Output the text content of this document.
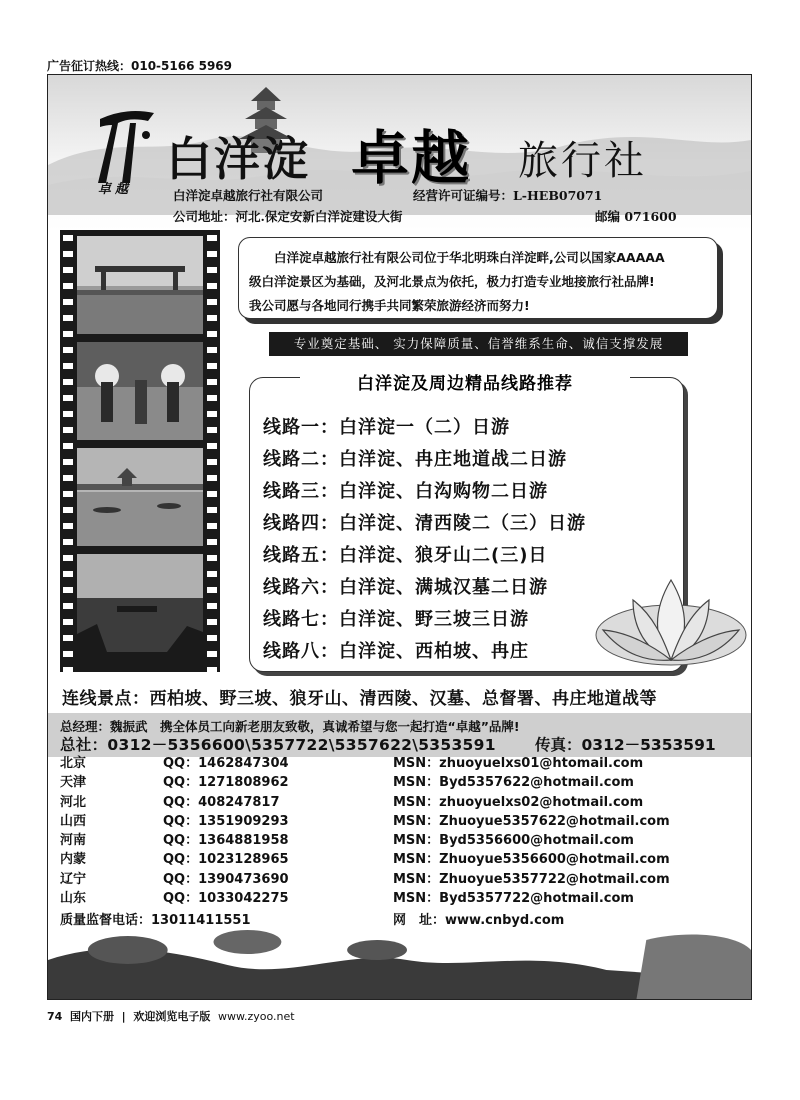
广告征订热线：010-5166 5969
卓越
白洋淀 卓越 旅行社
白洋淀卓越旅行社有限公司	经营许可证编号：L-HEB07071
公司地址：河北.保定安新白洋淀建设大街	邮编 071600
白洋淀卓越旅行社有限公司位于华北明珠白洋淀畔,公司以国家AAAAA
级白洋淀景区为基础，及河北景点为依托，极力打造专业地接旅行社品牌!
我公司愿与各地同行携手共同繁荣旅游经济而努力!
专业奠定基础、 实力保障质量、信誉维系生命、诚信支撑发展
白洋淀及周边精品线路推荐
线路一：白洋淀一（二）日游
线路二：白洋淀、冉庄地道战二日游
线路三：白洋淀、白沟购物二日游
线路四：白洋淀、清西陵二（三）日游
线路五：白洋淀、狼牙山二(三)日
线路六：白洋淀、满城汉墓二日游
线路七：白洋淀、野三坡三日游
线路八：白洋淀、西柏坡、冉庄
连线景点：西柏坡、野三坡、狼牙山、清西陵、汉墓、总督署、冉庄地道战等
总经理：魏振武　携全体员工向新老朋友致敬，真诚希望与您一起打造“卓越”品牌!
总社：0312－5356600\5357722\5357622\5353591	传真：0312－5353591
北京	QQ：1462847304	MSN：zhuoyuelxs01@htomail.com
天津	QQ：1271808962	MSN：Byd5357622@hotmail.com
河北	QQ：408247817	MSN：zhuoyuelxs02@hotmail.com
山西	QQ：1351909293	MSN：Zhuoyue5357622@hotmail.com
河南	QQ：1364881958	MSN：Byd5356600@hotmail.com
内蒙	QQ：1023128965	MSN：Zhuoyue5356600@hotmail.com
辽宁	QQ：1390473690	MSN：Zhuoyue5357722@hotmail.com
山东	QQ：1033042275	MSN：Byd5357722@hotmail.com
质量监督电话：13011411551	网　址：www.cnbyd.com
74 国内下册 | 欢迎浏览电子版 www.zyoo.net
